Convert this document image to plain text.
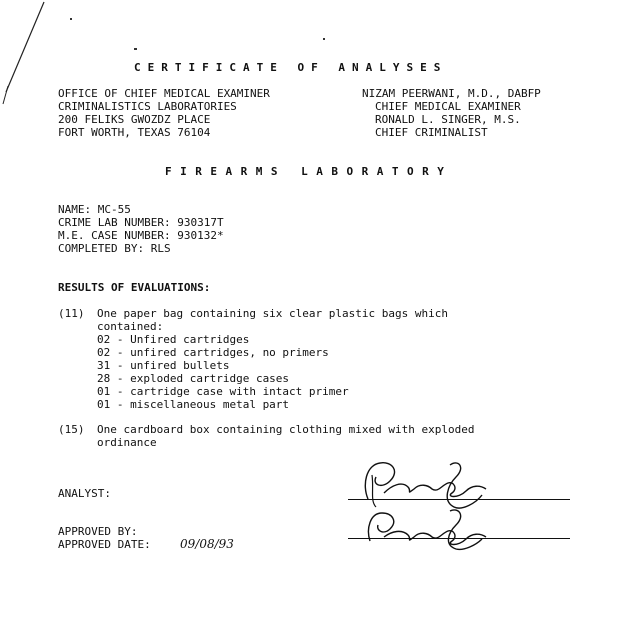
CERTIFICATE OF ANALYSES
OFFICE OF CHIEF MEDICAL EXAMINER
CRIMINALISTICS LABORATORIES
200 FELIKS GWOZDZ PLACE
FORT WORTH, TEXAS 76104
NIZAM PEERWANI, M.D., DABFP
CHIEF MEDICAL EXAMINER
RONALD L. SINGER, M.S.
CHIEF CRIMINALIST
FIREARMS LABORATORY
NAME: MC-55
CRIME LAB NUMBER: 930317T
M.E. CASE NUMBER: 930132*
COMPLETED BY: RLS
RESULTS OF EVALUATIONS:
(11) One paper bag containing six clear plastic bags which
contained:
02 - Unfired cartridges
02 - unfired cartridges, no primers
31 - unfired bullets
28 - exploded cartridge cases
01 - cartridge case with intact primer
01 - miscellaneous metal part
(15) One cardboard box containing clothing mixed with exploded
ordinance
ANALYST:
APPROVED BY:
APPROVED DATE: 09/08/93
